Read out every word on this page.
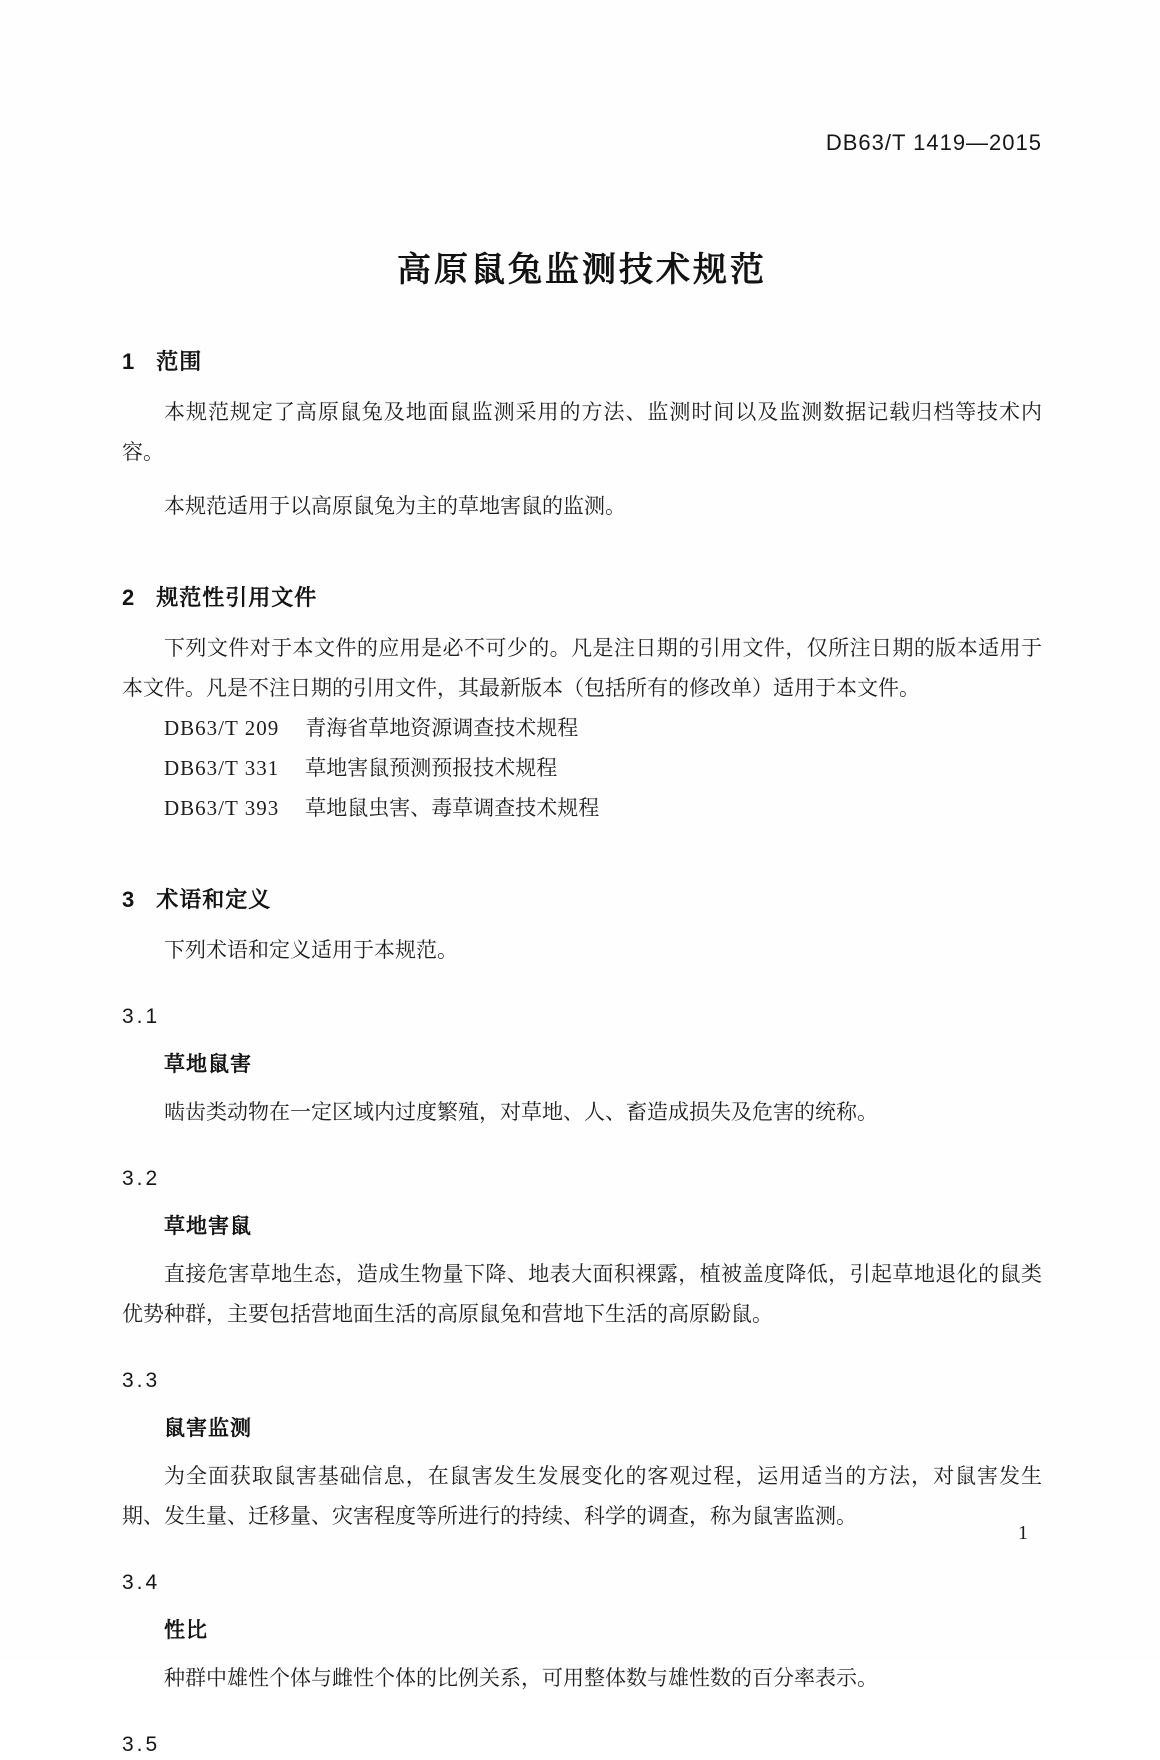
DB63/T 1419—2015
高原鼠兔监测技术规范
1 范围

本规范规定了高原鼠兔及地面鼠监测采用的方法、监测时间以及监测数据记载归档等技术内容。

本规范适用于以高原鼠兔为主的草地害鼠的监测。

2 规范性引用文件

下列文件对于本文件的应用是必不可少的。凡是注日期的引用文件，仅所注日期的版本适用于本文件。凡是不注日期的引用文件，其最新版本（包括所有的修改单）适用于本文件。

DB63/T 209 青海省草地资源调查技术规程
DB63/T 331 草地害鼠预测预报技术规程
DB63/T 393 草地鼠虫害、毒草调查技术规程
3 术语和定义

下列术语和定义适用于本规范。

3.1
草地鼠害

啮齿类动物在一定区域内过度繁殖，对草地、人、畜造成损失及危害的统称。

3.2
草地害鼠

直接危害草地生态，造成生物量下降、地表大面积裸露，植被盖度降低，引起草地退化的鼠类优势种群，主要包括营地面生活的高原鼠兔和营地下生活的高原鼢鼠。

3.3
鼠害监测

为全面获取鼠害基础信息，在鼠害发生发展变化的客观过程，运用适当的方法，对鼠害发生期、发生量、迁移量、灾害程度等所进行的持续、科学的调查，称为鼠害监测。

3.4
性比

种群中雄性个体与雌性个体的比例关系，可用整体数与雄性数的百分率表示。

3.5
1
